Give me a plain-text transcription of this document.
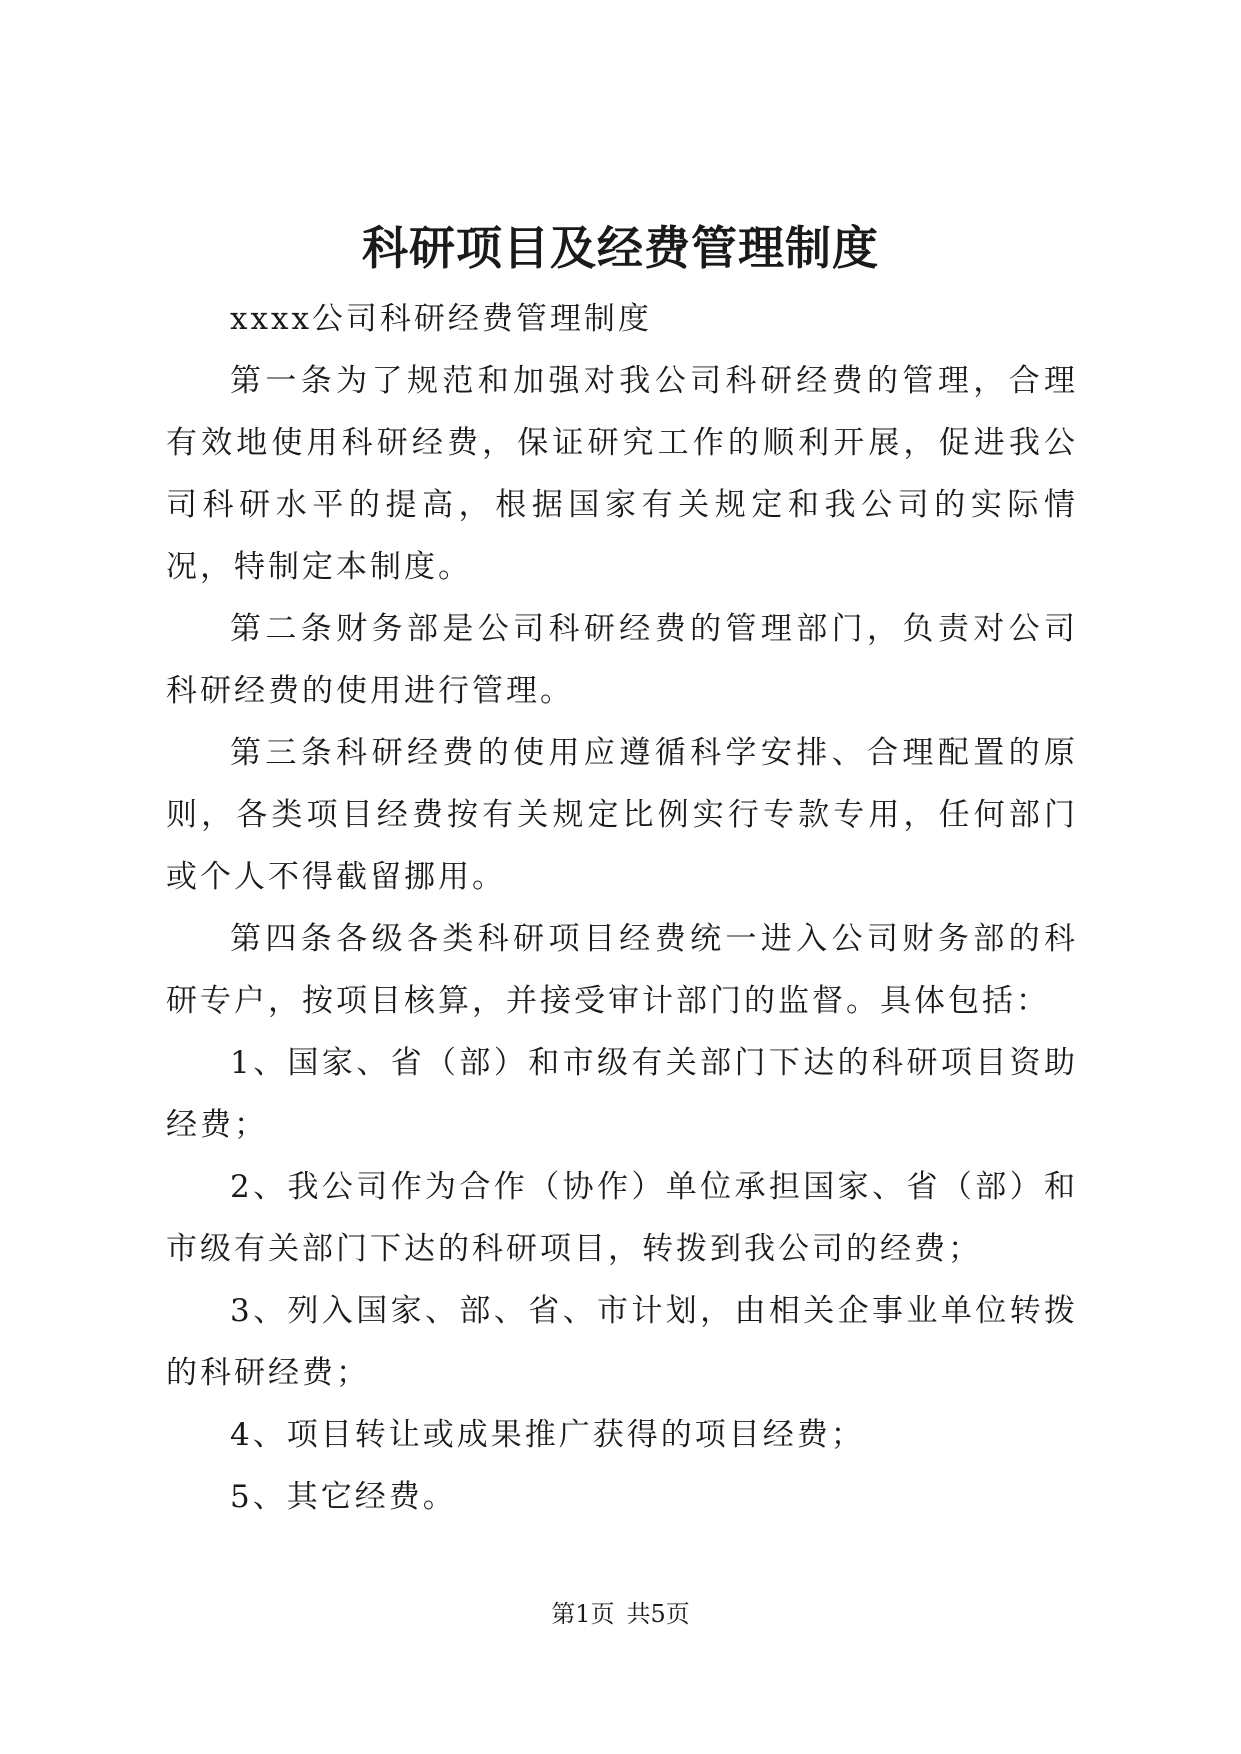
科研项目及经费管理制度

xxxx公司科研经费管理制度

第一条为了规范和加强对我公司科研经费的管理，合理有效地使用科研经费，保证研究工作的顺利开展，促进我公司科研水平的提高，根据国家有关规定和我公司的实际情况，特制定本制度。

第二条财务部是公司科研经费的管理部门，负责对公司科研经费的使用进行管理。

第三条科研经费的使用应遵循科学安排、合理配置的原则，各类项目经费按有关规定比例实行专款专用，任何部门或个人不得截留挪用。

第四条各级各类科研项目经费统一进入公司财务部的科研专户，按项目核算，并接受审计部门的监督。具体包括：

1、国家、省（部）和市级有关部门下达的科研项目资助经费；

2、我公司作为合作（协作）单位承担国家、省（部）和市级有关部门下达的科研项目，转拨到我公司的经费；

3、列入国家、部、省、市计划，由相关企事业单位转拨的科研经费；

4、项目转让或成果推广获得的项目经费；

5、其它经费。

第1页 共5页
